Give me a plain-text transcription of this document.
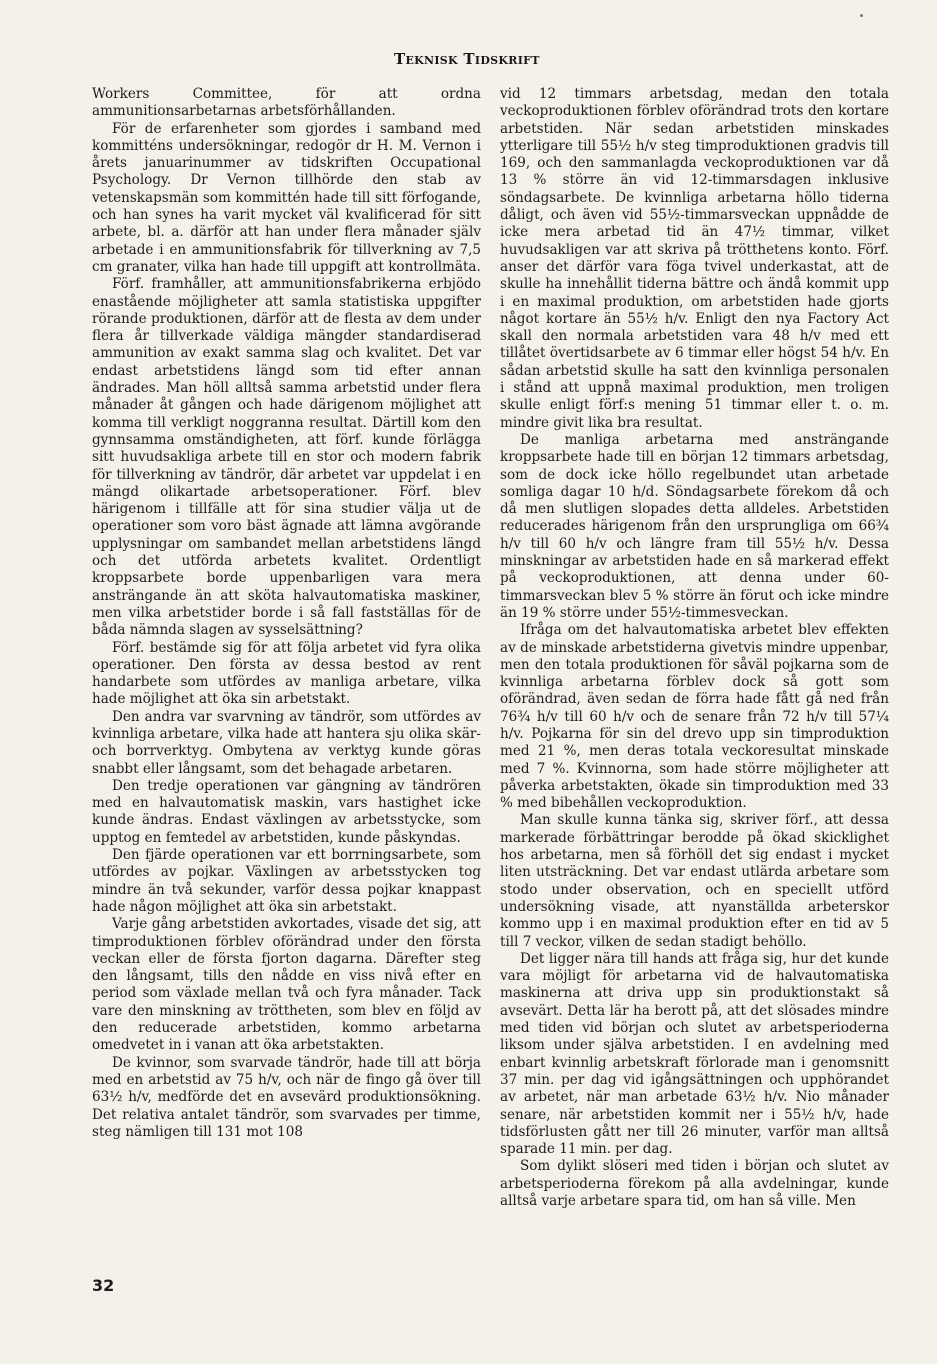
Teknisk Tidskrift

Workers Committee, för att ordna ammunitionsarbetarnas arbetsförhållanden.

För de erfarenheter som gjordes i samband med kommitténs undersökningar, redogör dr H. M. Vernon i årets januarinummer av tidskriften Occupational Psychology. Dr Vernon tillhörde den stab av vetenskapsmän som kommittén hade till sitt förfogande, och han synes ha varit mycket väl kvalificerad för sitt arbete, bl. a. därför att han under flera månader själv arbetade i en ammunitionsfabrik för tillverkning av 7,5 cm granater, vilka han hade till uppgift att kontrollmäta.

Förf. framhåller, att ammunitionsfabrikerna erbjödo enastående möjligheter att samla statistiska uppgifter rörande produktionen, därför att de flesta av dem under flera år tillverkade väldiga mängder standardiserad ammunition av exakt samma slag och kvalitet. Det var endast arbetstidens längd som tid efter annan ändrades. Man höll alltså samma arbetstid under flera månader åt gången och hade därigenom möjlighet att komma till verkligt noggranna resultat. Därtill kom den gynnsamma omständigheten, att förf. kunde förlägga sitt huvudsakliga arbete till en stor och modern fabrik för tillverkning av tändrör, där arbetet var uppdelat i en mängd olikartade arbetsoperationer. Förf. blev härigenom i tillfälle att för sina studier välja ut de operationer som voro bäst ägnade att lämna avgörande upplysningar om sambandet mellan arbetstidens längd och det utförda arbetets kvalitet. Ordentligt kroppsarbete borde uppenbarligen vara mera ansträngande än att sköta halvautomatiska maskiner, men vilka arbetstider borde i så fall fastställas för de båda nämnda slagen av sysselsättning?

Förf. bestämde sig för att följa arbetet vid fyra olika operationer. Den första av dessa bestod av rent handarbete som utfördes av manliga arbetare, vilka hade möjlighet att öka sin arbetstakt.

Den andra var svarvning av tändrör, som utfördes av kvinnliga arbetare, vilka hade att hantera sju olika skär- och borrverktyg. Ombytena av verktyg kunde göras snabbt eller långsamt, som det behagade arbetaren.

Den tredje operationen var gängning av tändrören med en halvautomatisk maskin, vars hastighet icke kunde ändras. Endast växlingen av arbetsstycke, som upptog en femtedel av arbetstiden, kunde påskyndas.

Den fjärde operationen var ett borrningsarbete, som utfördes av pojkar. Växlingen av arbetsstycken tog mindre än två sekunder, varför dessa pojkar knappast hade någon möjlighet att öka sin arbetstakt.

Varje gång arbetstiden avkortades, visade det sig, att timproduktionen förblev oförändrad under den första veckan eller de första fjorton dagarna. Därefter steg den långsamt, tills den nådde en viss nivå efter en period som växlade mellan två och fyra månader. Tack vare den minskning av tröttheten, som blev en följd av den reducerade arbetstiden, kommo arbetarna omedvetet in i vanan att öka arbetstakten.

De kvinnor, som svarvade tändrör, hade till att börja med en arbetstid av 75 h/v, och när de fingo gå över till 63½ h/v, medförde det en avsevärd produktionsökning. Det relativa antalet tändrör, som svarvades per timme, steg nämligen till 131 mot 108

vid 12 timmars arbetsdag, medan den totala veckoproduktionen förblev oförändrad trots den kortare arbetstiden. När sedan arbetstiden minskades ytterligare till 55½ h/v steg timproduktionen gradvis till 169, och den sammanlagda veckoproduktionen var då 13 % större än vid 12-timmarsdagen inklusive söndagsarbete. De kvinnliga arbetarna höllo tiderna dåligt, och även vid 55½-timmarsveckan uppnådde de icke mera arbetad tid än 47½ timmar, vilket huvudsakligen var att skriva på trötthetens konto. Förf. anser det därför vara föga tvivel underkastat, att de skulle ha innehållit tiderna bättre och ändå kommit upp i en maximal produktion, om arbetstiden hade gjorts något kortare än 55½ h/v. Enligt den nya Factory Act skall den normala arbetstiden vara 48 h/v med ett tillåtet övertidsarbete av 6 timmar eller högst 54 h/v. En sådan arbetstid skulle ha satt den kvinnliga personalen i stånd att uppnå maximal produktion, men troligen skulle enligt förf:s mening 51 timmar eller t. o. m. mindre givit lika bra resultat.

De manliga arbetarna med ansträngande kroppsarbete hade till en början 12 timmars arbetsdag, som de dock icke höllo regelbundet utan arbetade somliga dagar 10 h/d. Söndagsarbete förekom då och då men slutligen slopades detta alldeles. Arbetstiden reducerades härigenom från den ursprungliga om 66¾ h/v till 60 h/v och längre fram till 55½ h/v. Dessa minskningar av arbetstiden hade en så markerad effekt på veckoproduktionen, att denna under 60-timmarsveckan blev 5 % större än förut och icke mindre än 19 % större under 55½-timmesveckan.

Ifråga om det halvautomatiska arbetet blev effekten av de minskade arbetstiderna givetvis mindre uppenbar, men den totala produktionen för såväl pojkarna som de kvinnliga arbetarna förblev dock så gott som oförändrad, även sedan de förra hade fått gå ned från 76¾ h/v till 60 h/v och de senare från 72 h/v till 57¼ h/v. Pojkarna för sin del drevo upp sin timproduktion med 21 %, men deras totala veckoresultat minskade med 7 %. Kvinnorna, som hade större möjligheter att påverka arbetstakten, ökade sin timproduktion med 33 % med bibehållen veckoproduktion.

Man skulle kunna tänka sig, skriver förf., att dessa markerade förbättringar berodde på ökad skicklighet hos arbetarna, men så förhöll det sig endast i mycket liten utsträckning. Det var endast utlärda arbetare som stodo under observation, och en speciellt utförd undersökning visade, att nyanställda arbeterskor kommo upp i en maximal produktion efter en tid av 5 till 7 veckor, vilken de sedan stadigt behöllo.

Det ligger nära till hands att fråga sig, hur det kunde vara möjligt för arbetarna vid de halvautomatiska maskinerna att driva upp sin produktionstakt så avsevärt. Detta lär ha berott på, att det slösades mindre med tiden vid början och slutet av arbetsperioderna liksom under själva arbetstiden. I en avdelning med enbart kvinnlig arbetskraft förlorade man i genomsnitt 37 min. per dag vid igångsättningen och upphörandet av arbetet, när man arbetade 63½ h/v. Nio månader senare, när arbetstiden kommit ner i 55½ h/v, hade tidsförlusten gått ner till 26 minuter, varför man alltså sparade 11 min. per dag.

Som dylikt slöseri med tiden i början och slutet av arbetsperioderna förekom på alla avdelningar, kunde alltså varje arbetare spara tid, om han så ville. Men

32
